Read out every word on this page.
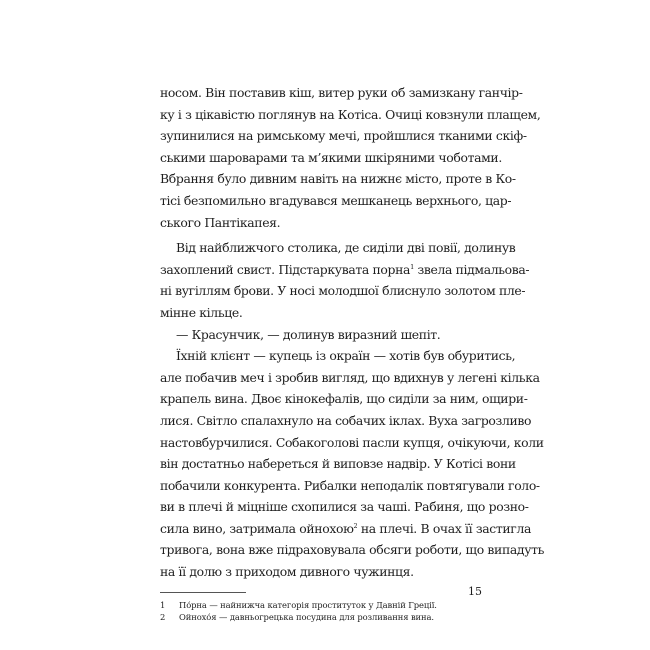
носом. Він поставив кіш, витер руки об замизкану ганчір-
ку і з цікавістю поглянув на Котіса. Очиці ковзнули плащем,
зупинилися на римському мечі, пройшлися тканими скіф-
ськими шароварами та м’якими шкіряними чоботами.
Вбрання було дивним навіть на нижнє місто, проте в Ко-
тісі безпомильно вгадувався мешканець верхнього, цар-
ського Пантікапея.
Від найближчого столика, де сиділи дві повії, долинув
захоплений свист. Підстаркувата порна$^1$ звела підмальова-
ні вугіллям брови. У носі молодшої блиснуло золотом пле-
мінне кільце.
— Красунчик, — долинув виразний шепіт.
Їхній клієнт — купець із окраїн — хотів був обуритись,
але побачив меч і зробив вигляд, що вдихнув у легені кілька
крапель вина. Двоє кінокефалів, що сиділи за ним, ощири-
лися. Світло спалахнуло на собачих іклах. Вуха загрозливо
настовбурчилися. Собакоголові пасли купця, очікуючи, коли
він достатньо набереться й виповзе надвір. У Котісі вони
побачили конкурента. Рибалки неподалік повтягували голо-
ви в плечі й міцніше схопилися за чаші. Рабиня, що розно-
сила вино, затримала ойнохою$^2$ на плечі. В очах її застигла
тривога, вона вже підраховувала обсяги роботи, що випадуть
на її долю з приходом дивного чужинця.
1	По́рна — найнижча категорія проституток у Давній Греції.
2	Ойнохо́я — давньогрецька посудина для розливання вина.
15
